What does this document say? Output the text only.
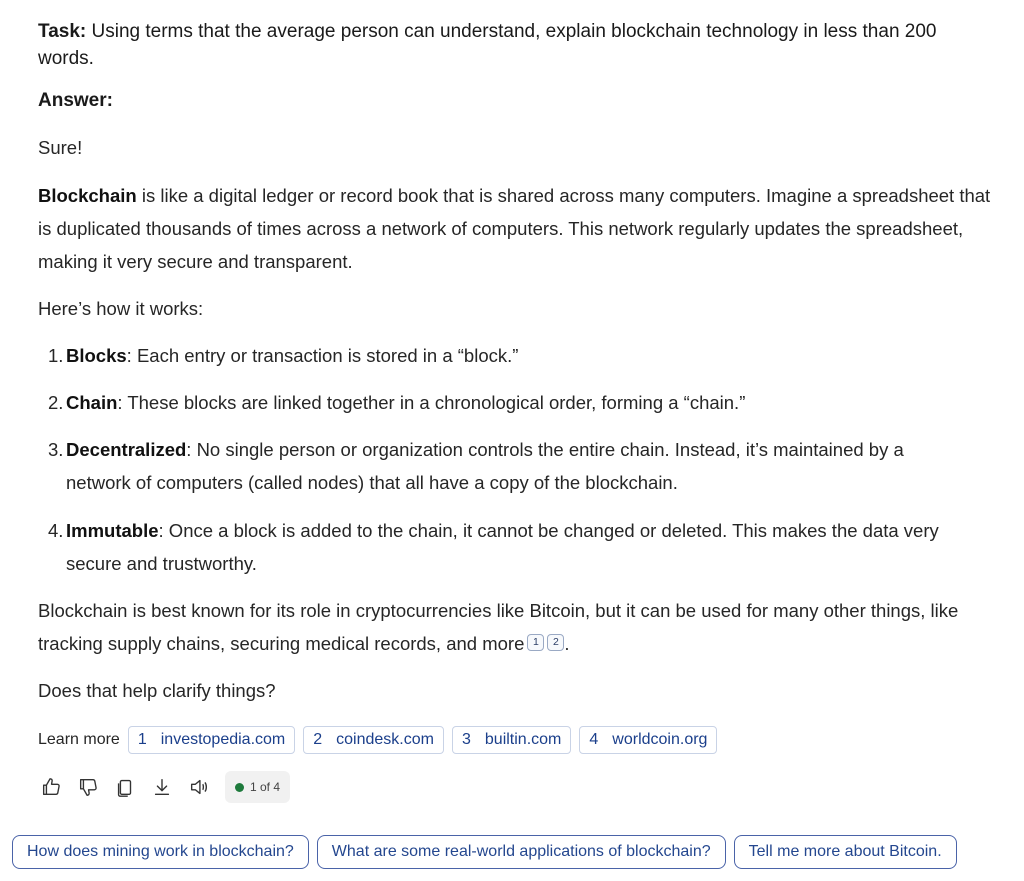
Task: Using terms that the average person can understand, explain blockchain technology in less than 200 words.
Answer:
Sure!
Blockchain is like a digital ledger or record book that is shared across many computers. Imagine a spreadsheet that is duplicated thousands of times across a network of computers. This network regularly updates the spreadsheet, making it very secure and transparent.
Here’s how it works:
1. Blocks: Each entry or transaction is stored in a “block.”
2. Chain: These blocks are linked together in a chronological order, forming a “chain.”
3. Decentralized: No single person or organization controls the entire chain. Instead, it’s maintained by a network of computers (called nodes) that all have a copy of the blockchain.
4. Immutable: Once a block is added to the chain, it cannot be changed or deleted. This makes the data very secure and trustworthy.
Blockchain is best known for its role in cryptocurrencies like Bitcoin, but it can be used for many other things, like tracking supply chains, securing medical records, and more 1 2 .
Does that help clarify things?
Learn more 1 investopedia.com 2 coindesk.com 3 builtin.com 4 worldcoin.org
1 of 4
How does mining work in blockchain?	What are some real-world applications of blockchain?	Tell me more about Bitcoin.
